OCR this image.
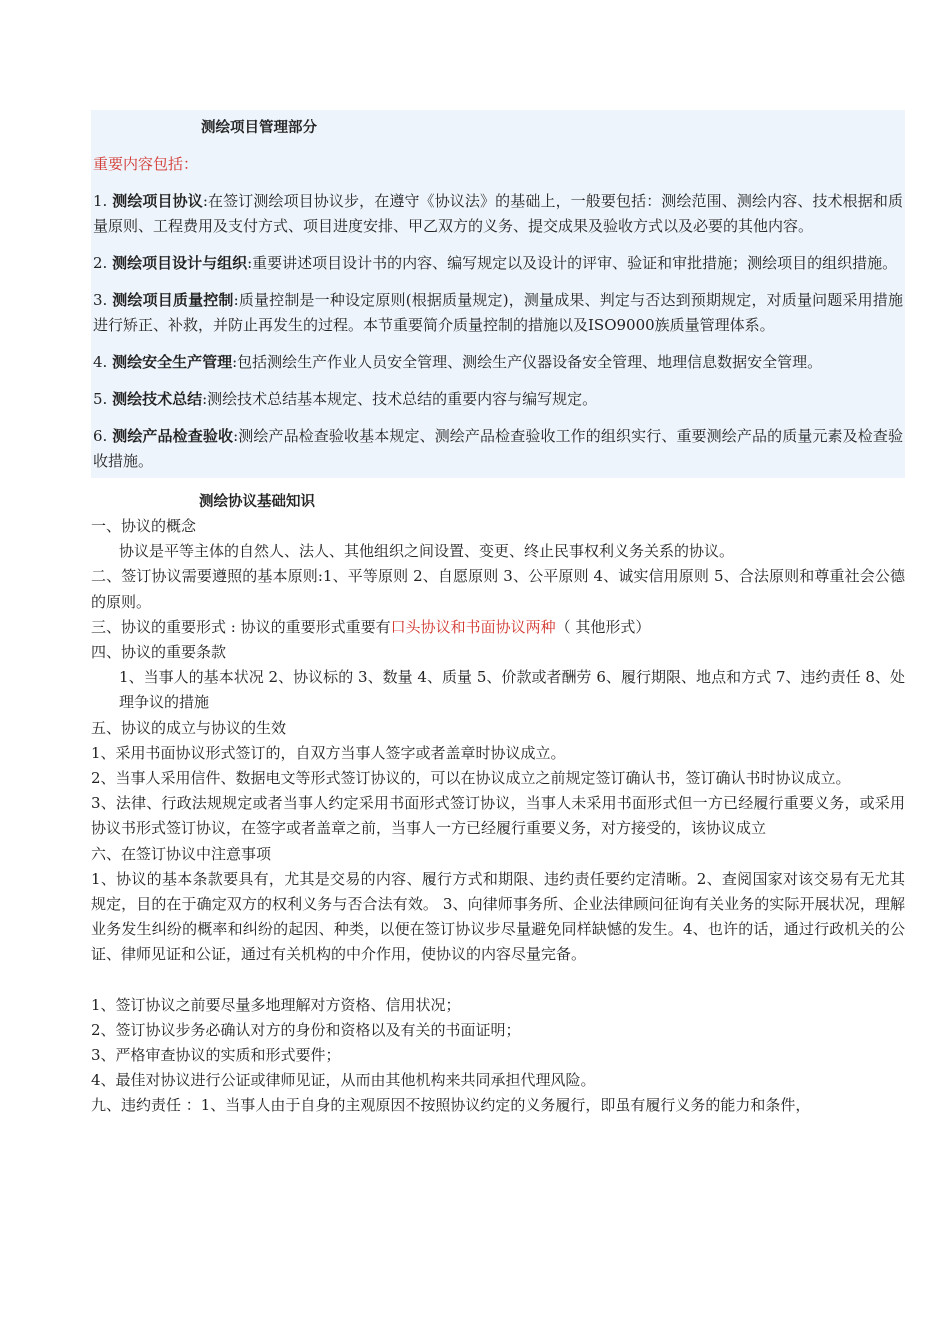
测绘项目管理部分

重要内容包括：

1. 测绘项目协议:在签订测绘项目协议步，在遵守《协议法》的基础上，一般要包括：测绘范围、测绘内容、技术根据和质量原则、工程费用及支付方式、项目进度安排、甲乙双方的义务、提交成果及验收方式以及必要的其他内容。

2. 测绘项目设计与组织:重要讲述项目设计书的内容、编写规定以及设计的评审、验证和审批措施；测绘项目的组织措施。

3. 测绘项目质量控制:质量控制是一种设定原则(根据质量规定)，测量成果、判定与否达到预期规定，对质量问题采用措施进行矫正、补救，并防止再发生的过程。本节重要简介质量控制的措施以及ISO9000族质量管理体系。

4. 测绘安全生产管理:包括测绘生产作业人员安全管理、测绘生产仪器设备安全管理、地理信息数据安全管理。

5. 测绘技术总结:测绘技术总结基本规定、技术总结的重要内容与编写规定。

6. 测绘产品检查验收:测绘产品检查验收基本规定、测绘产品检查验收工作的组织实行、重要测绘产品的质量元素及检查验收措施。

测绘协议基础知识
一、协议的概念
协议是平等主体的自然人、法人、其他组织之间设置、变更、终止民事权利义务关系的协议。
二、签订协议需要遵照的基本原则:1、平等原则 2、自愿原则 3、公平原则 4、诚实信用原则 5、合法原则和尊重社会公德的原则。
三、协议的重要形式 : 协议的重要形式重要有口头协议和书面协议两种（ 其他形式）
四、协议的重要条款
1、当事人的基本状况 2、协议标的 3、数量 4、质量 5、价款或者酬劳 6、履行期限、地点和方式 7、违约责任 8、处理争议的措施
五、协议的成立与协议的生效
1、采用书面协议形式签订的，自双方当事人签字或者盖章时协议成立。
2、当事人采用信件、数据电文等形式签订协议的，可以在协议成立之前规定签订确认书，签订确认书时协议成立。
3、法律、行政法规规定或者当事人约定采用书面形式签订协议，当事人未采用书面形式但一方已经履行重要义务，或采用协议书形式签订协议，在签字或者盖章之前，当事人一方已经履行重要义务，对方接受的，该协议成立
六、在签订协议中注意事项
1、协议的基本条款要具有，尤其是交易的内容、履行方式和期限、违约责任要约定清晰。2、查阅国家对该交易有无尤其规定，目的在于确定双方的权利义务与否合法有效。 3、向律师事务所、企业法律顾问征询有关业务的实际开展状况，理解业务发生纠纷的概率和纠纷的起因、种类，以便在签订协议步尽量避免同样缺憾的发生。4、也许的话，通过行政机关的公证、律师见证和公证，通过有关机构的中介作用，使协议的内容尽量完备。
1、签订协议之前要尽量多地理解对方资格、信用状况；
2、签订协议步务必确认对方的身份和资格以及有关的书面证明；
3、严格审查协议的实质和形式要件；
4、最佳对协议进行公证或律师见证，从而由其他机构来共同承担代理风险。
九、违约责任 ：1、当事人由于自身的主观原因不按照协议约定的义务履行，即虽有履行义务的能力和条件，
